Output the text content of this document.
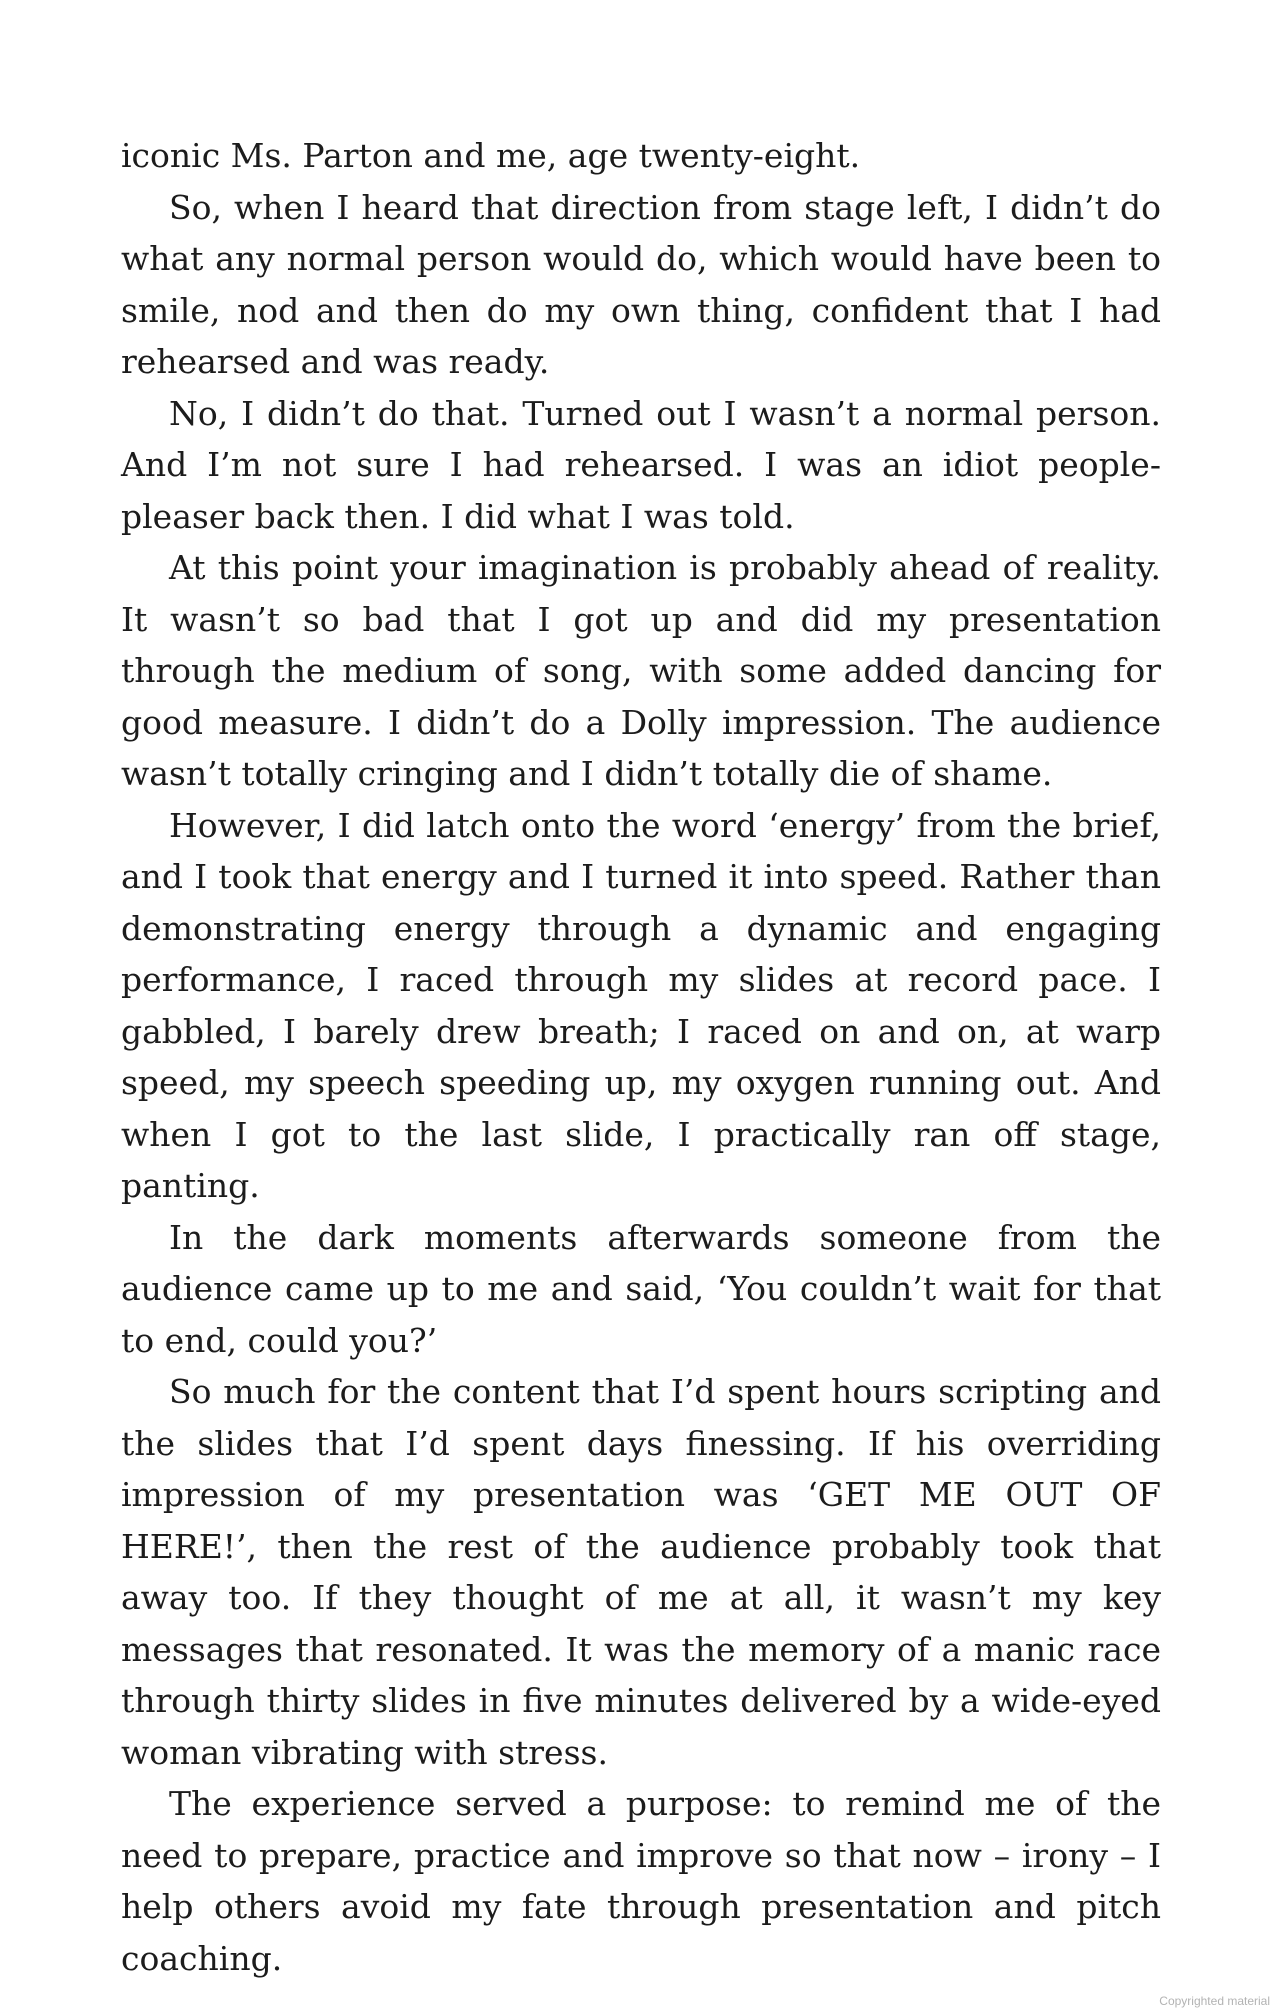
iconic Ms. Parton and me, age twenty-eight.

So, when I heard that direction from stage left, I didn’t do what any normal person would do, which would have been to smile, nod and then do my own thing, confident that I had rehearsed and was ready.

No, I didn’t do that. Turned out I wasn’t a normal person. And I’m not sure I had rehearsed. I was an idiot people-pleaser back then. I did what I was told.

At this point your imagination is probably ahead of reality. It wasn’t so bad that I got up and did my presentation through the medium of song, with some added dancing for good measure. I didn’t do a Dolly impression. The audience wasn’t totally cringing and I didn’t totally die of shame.

However, I did latch onto the word ‘energy’ from the brief, and I took that energy and I turned it into speed. Rather than demonstrating energy through a dynamic and engaging performance, I raced through my slides at record pace. I gabbled, I barely drew breath; I raced on and on, at warp speed, my speech speeding up, my oxygen running out. And when I got to the last slide, I practically ran off stage, panting.

In the dark moments afterwards someone from the audience came up to me and said, ‘You couldn’t wait for that to end, could you?’

So much for the content that I’d spent hours scripting and the slides that I’d spent days finessing. If his overriding impression of my presentation was ‘GET ME OUT OF HERE!’, then the rest of the audience probably took that away too. If they thought of me at all, it wasn’t my key messages that resonated. It was the memory of a manic race through thirty slides in five minutes delivered by a wide-eyed woman vibrating with stress.

The experience served a purpose: to remind me of the need to prepare, practice and improve so that now – irony – I help others avoid my fate through presentation and pitch coaching.

Copyrighted material
